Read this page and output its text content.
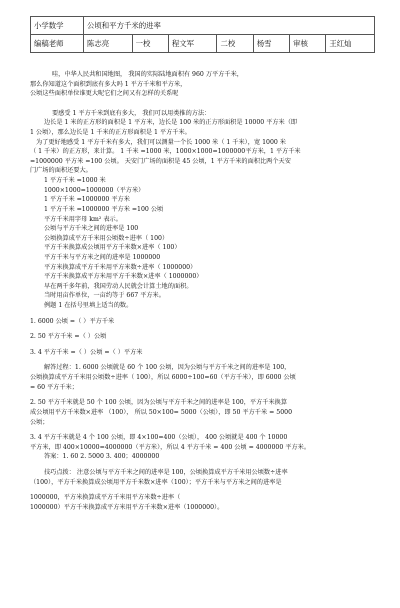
小学数学	公顷和平方千米的进率						
编稿老师	陈志亮	一校	程文军	二校	杨雪	审核	王红灿

哇，中华人民共和国地图， 我国的实际陆地面积有 960 万平方千米，

那么你知道这个面积到底有多大吗 1 平方千米和平方米，

公顷这些面积单位谁更大呢它们之间又有怎样的关系呢

要感受 1 平方千米到底有多大， 我们可以用类推的方法：

边长是 1 米的正方形的面积是 1 平方米，边长是 100 米的正方形面积是 10000 平方米（即

1 公顷），那么边长是 1 千米的正方形面积是 1 平方千米。

为了更好地感受 1 平方千米有多大，我们可以测量一个长 1000 米（ 1 千米），宽 1000 米

（ 1 千米）的正方形，来计算。 1 千米 =1000 米，1000×1000=1000000平方米，1 平方千米

=1000000 平方米 =100 公顷。 天安门广场的面积是 45 公顷，1 平方千米的面积比两个天安

门广场的面积还要大。

1 平方千米 =1000 米

1000×1000=1000000（平方米）

1 平方千米 =1000000 平方米

1 平方千米 =1000000 平方米 =100 公顷

平方千米用字母 km² 表示。

公顷与平方千米之间的进率是 100

公顷换算成平方千米用公顷数÷进率（ 100）

平方千米换算成公顷用平方千米数×进率（ 100）

平方千米与平方米之间的进率是 1000000

平方米换算成平方千米用平方米数÷进率（ 1000000）

平方千米换算成平方米用平方千米数×进率（ 1000000）

早在两千多年前，我国劳动人民就会计算土地的面积。

当时用亩作单位，一亩约等于 667 平方米。

例题 1 在括号里填上适当的数。

1. 6000 公顷 =（ ）平方千米

2. 50 平方千米 =（ ）公顷

3. 4 平方千米 =（ ）公顷 =（ ）平方米

解答过程：1. 6000 公顷就是 60 个 100 公顷，因为公顷与平方千米之间的进率是 100，

公顷换算成平方千米用公顷数÷进率（ 100），所以 6000÷100=60（平方千米），即 6000 公顷

= 60 平方千米；

2. 50 平方千米就是 50 个 100 公顷，因为公顷与平方千米之间的进率是 100，平方千米换算

成公顷用平方千米数×进率 （100）， 所以 50×100= 5000（公顷），即 50 平方千米 = 5000

公顷；

3. 4 平方千米就是 4 个 100 公顷，即 4×100=400（公顷）， 400 公顷就是 400 个 10000

平方米，即 400×10000=4000000（平方米），所以 4 平方千米 = 400 公顷 = 4000000 平方米。

答案：1. 60 2. 5000 3. 400；4000000

技巧点拨： 注意公顷与平方千米之间的进率是 100，公顷换算成平方千米用公顷数÷进率

（100），平方千米换算成公顷用平方千米数×进率（100）；平方千米与平方米之间的进率是

1000000，平方米换算成平方千米用平方米数÷进率（

1000000）平方千米换算成平方米用平方千米数×进率（1000000）。
